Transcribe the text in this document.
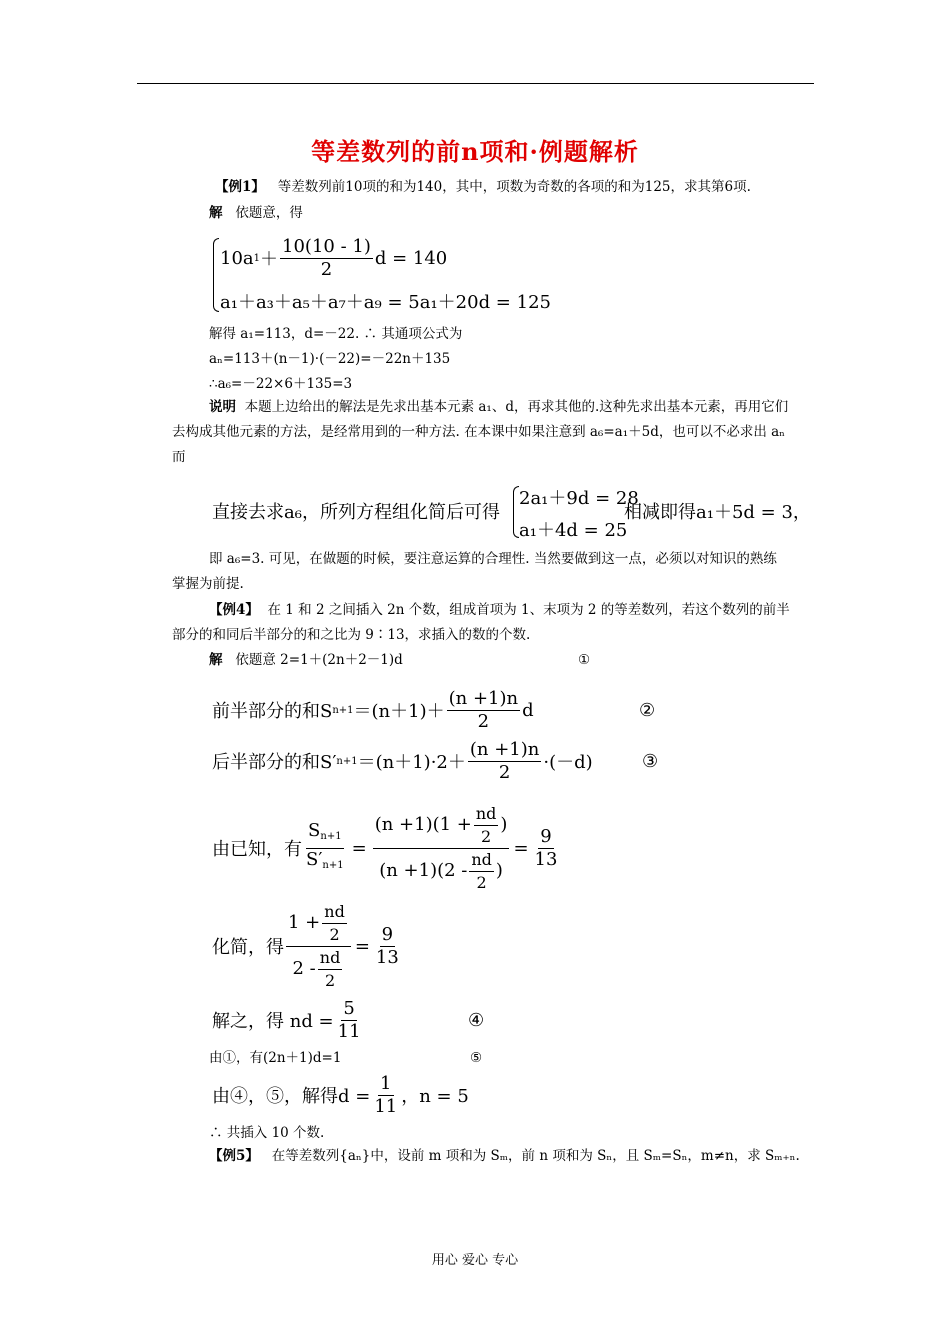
等差数列的前n项和·例题解析
【例1】 等差数列前10项的和为140，其中，项数为奇数的各项的和为125，求其第6项.
解 依题意，得
10a $1 + \frac{10(10 - 1)}{2}$ d = 140
a₁＋a₃＋a₅＋a₇＋a₉ = 5a₁＋20d = 125
解得 a₁=113，d=－22. ∴ 其通项公式为
aₙ=113＋(n－1)·(－22)=－22n＋135
∴a₆=－22×6＋135=3
说明 本题上边给出的解法是先求出基本元素 a₁、d，再求其他的.这种先求出基本元素，再用它们去构成其他元素的方法，是经常用到的一种方法. 在本课中如果注意到 a₆=a₁＋5d，也可以不必求出 aₙ 而
直接去求a₆，所列方程组化简后可得
2a₁＋9d = 28
a₁＋4d = 25
相减即得a₁＋5d = 3，
即 a₆=3. 可见，在做题的时候，要注意运算的合理性. 当然要做到这一点，必须以对知识的熟练掌握为前提.
【例4】 在 1 和 2 之间插入 2n 个数，组成首项为 1、末项为 2 的等差数列，若这个数列的前半部分的和同后半部分的和之比为 9∶13，求插入的数的个数.
解 依题意 2=1＋(2n＋2－1)d	①
前半部分的和S $n+1 =(n+1)+ \frac{(n +1)n}{2}$ d	②
后半部分的和S′ $n+1 =(n+1)\cdot 2+ \frac{(n +1)n}{2} \cdot(-d)$	③
由已知，有 $\frac{S_{n+1}}{S'_{n+1}} = \frac{(n +1)(1 + \frac{nd}{2} )}{(n +1)(2 - \frac{nd}{2} )} = \frac{9}{13}$
化简，得 $\frac{1 + \frac{nd}{2}}{2 - \frac{nd}{2}} = \frac{9}{13}$
解之，得 nd = $\frac{5}{11}$	④
由①，有(2n＋1)d=1	⑤
由④，⑤，解得$d = \frac{1}{11}$ ，n = 5
∴ 共插入 10 个数.
【例5】 在等差数列{aₙ}中，设前 m 项和为 Sₘ，前 n 项和为 Sₙ，且 Sₘ=Sₙ，m≠n，求 Sₘ₊ₙ.
用心 爱心 专心
